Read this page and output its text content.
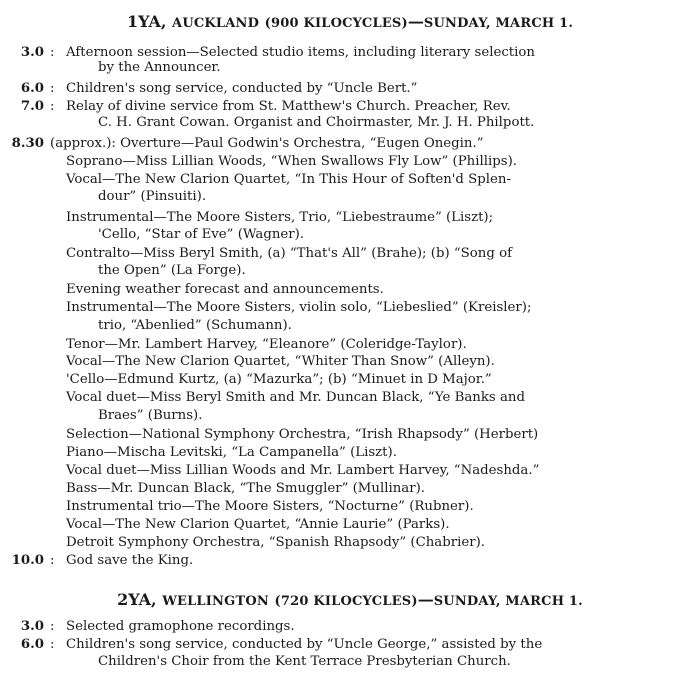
1YA, AUCKLAND (900 KILOCYCLES)—SUNDAY, MARCH 1.
3.0 : Afternoon session—Selected studio items, including literary selection
by the Announcer.
6.0 : Children's song service, conducted by “Uncle Bert.”
7.0 : Relay of divine service from St. Matthew's Church. Preacher, Rev.
C. H. Grant Cowan. Organist and Choirmaster, Mr. J. H. Philpott.
8.30 (approx.): Overture—Paul Godwin's Orchestra, “Eugen Onegin.”
Soprano—Miss Lillian Woods, “When Swallows Fly Low” (Phillips).
Vocal—The New Clarion Quartet, “In This Hour of Soften'd Splen-
dour” (Pinsuiti).
Instrumental—The Moore Sisters, Trio, “Liebestraume” (Liszt);
'Cello, “Star of Eve” (Wagner).
Contralto—Miss Beryl Smith, (a) “That's All” (Brahe); (b) “Song of
the Open” (La Forge).
Evening weather forecast and announcements.
Instrumental—The Moore Sisters, violin solo, “Liebeslied” (Kreisler);
trio, “Abenlied” (Schumann).
Tenor—Mr. Lambert Harvey, “Eleanore” (Coleridge-Taylor).
Vocal—The New Clarion Quartet, “Whiter Than Snow” (Alleyn).
'Cello—Edmund Kurtz, (a) “Mazurka”; (b) “Minuet in D Major.”
Vocal duet—Miss Beryl Smith and Mr. Duncan Black, “Ye Banks and
Braes” (Burns).
Selection—National Symphony Orchestra, “Irish Rhapsody” (Herbert)
Piano—Mischa Levitski, “La Campanella” (Liszt).
Vocal duet—Miss Lillian Woods and Mr. Lambert Harvey, “Nadeshda.”
Bass—Mr. Duncan Black, “The Smuggler” (Mullinar).
Instrumental trio—The Moore Sisters, “Nocturne” (Rubner).
Vocal—The New Clarion Quartet, “Annie Laurie” (Parks).
Detroit Symphony Orchestra, “Spanish Rhapsody” (Chabrier).
10.0 : God save the King.
2YA, WELLINGTON (720 KILOCYCLES)—SUNDAY, MARCH 1.
3.0 : Selected gramophone recordings.
6.0 : Children's song service, conducted by “Uncle George,” assisted by the
Children's Choir from the Kent Terrace Presbyterian Church.
